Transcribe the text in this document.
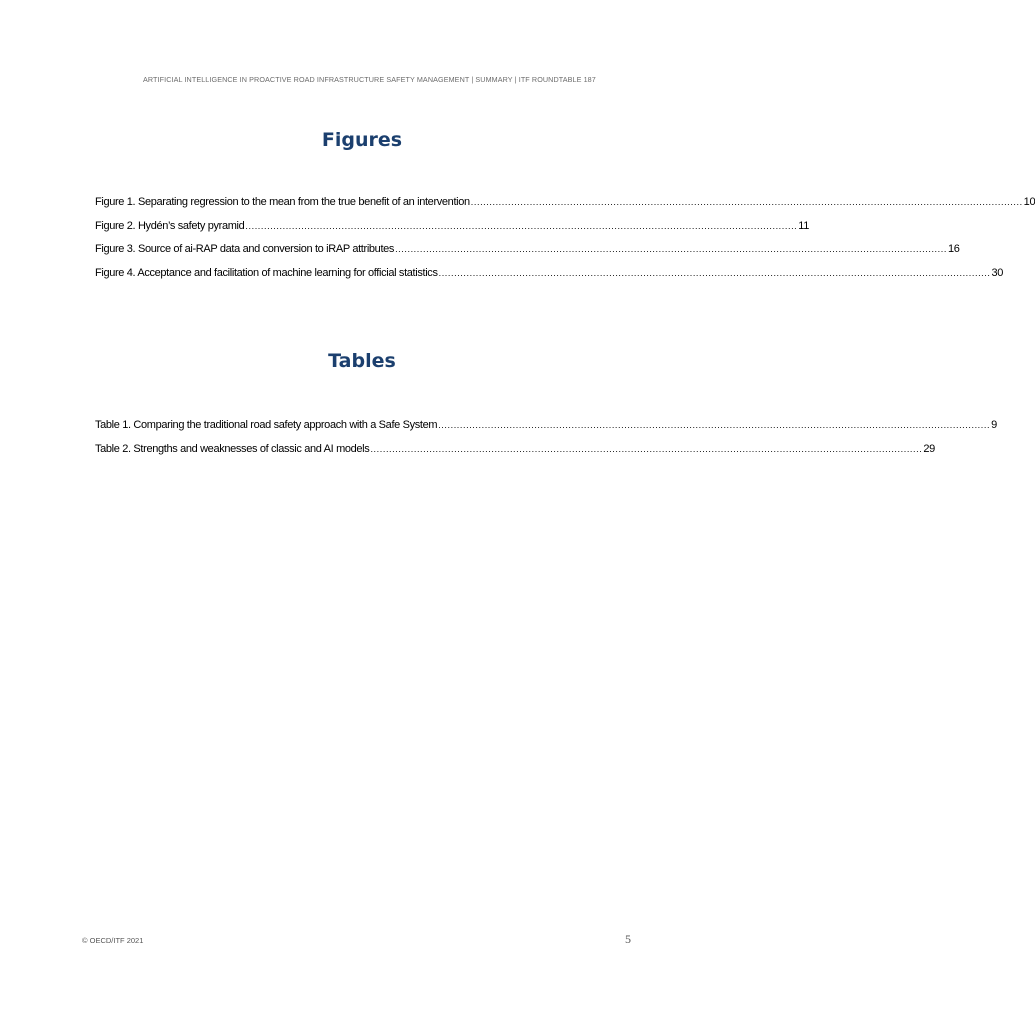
ARTIFICIAL INTELLIGENCE IN PROACTIVE ROAD INFRASTRUCTURE SAFETY MANAGEMENT | SUMMARY | ITF ROUNDTABLE 187
Figures
Figure 1. Separating regression to the mean from the true benefit of an intervention .................................................................................................................................................................................. 10
Figure 2. Hydén’s safety pyramid .................................................................................................................................................................................. 11
Figure 3. Source of ai-RAP data and conversion to iRAP attributes .................................................................................................................................................................................. 16
Figure 4. Acceptance and facilitation of machine learning for official statistics .................................................................................................................................................................................. 30
Tables
Table 1. Comparing the traditional road safety approach with a Safe System .................................................................................................................................................................................. 9
Table 2. Strengths and weaknesses of classic and AI models .................................................................................................................................................................................. 29
© OECD/ITF 2021	5
